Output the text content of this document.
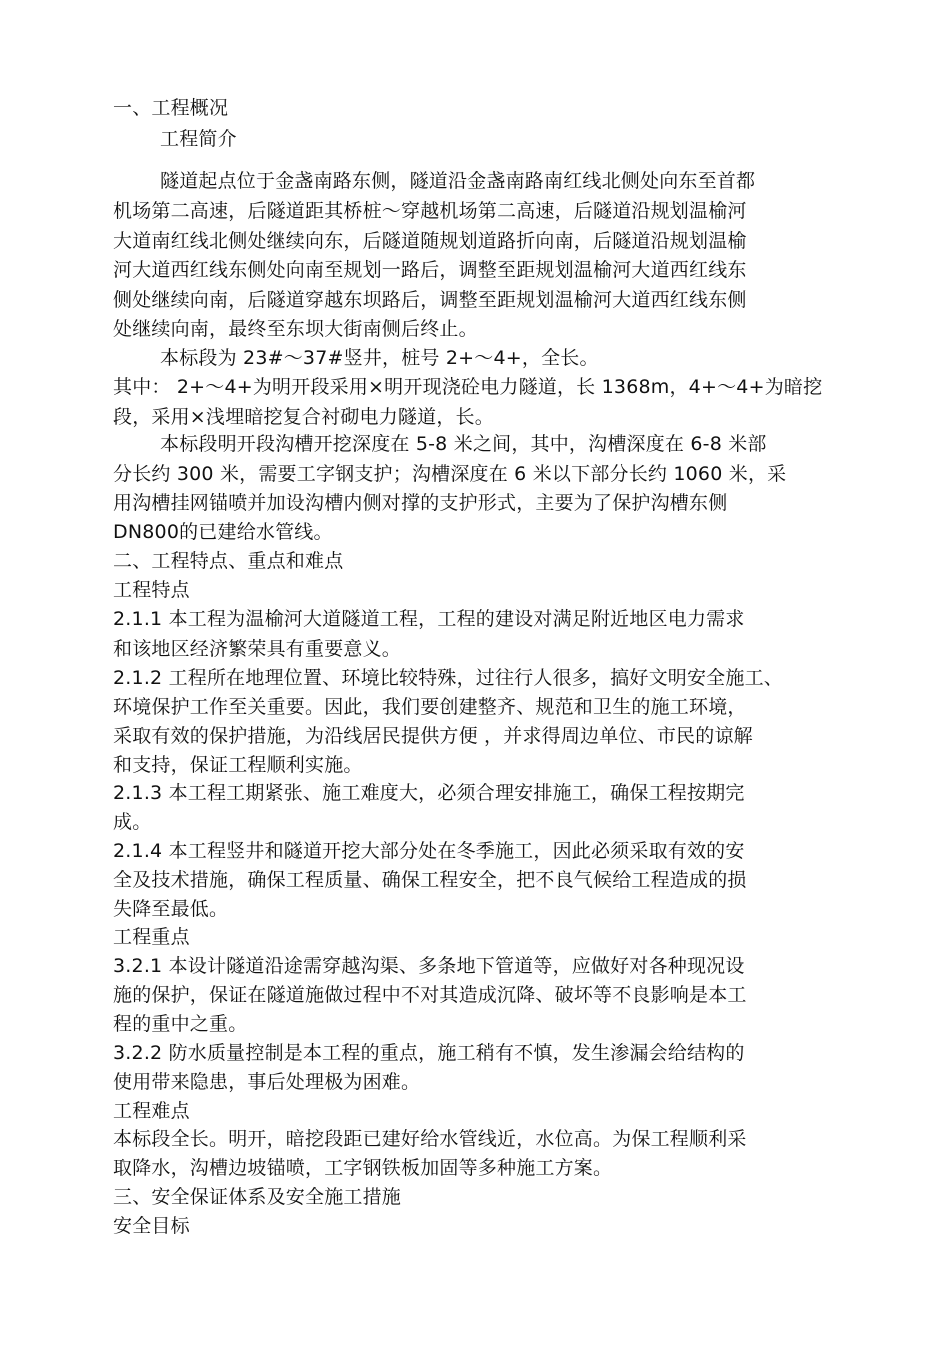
一、工程概况
工程简介
隧道起点位于金盏南路东侧，隧道沿金盏南路南红线北侧处向东至首都
机场第二高速，后隧道距其桥桩～穿越机场第二高速，后隧道沿规划温榆河
大道南红线北侧处继续向东，后隧道随规划道路折向南，后隧道沿规划温榆
河大道西红线东侧处向南至规划一路后，调整至距规划温榆河大道西红线东
侧处继续向南，后隧道穿越东坝路后，调整至距规划温榆河大道西红线东侧
处继续向南，最终至东坝大街南侧后终止。
本标段为 23#～37#竖井，桩号 2+～4+，全长。
其中： 2+～4+为明开段采用×明开现浇砼电力隧道，长 1368m，4+～4+为暗挖
段，采用×浅埋暗挖复合衬砌电力隧道，长。
本标段明开段沟槽开挖深度在 5-8 米之间，其中，沟槽深度在 6-8 米部
分长约 300 米，需要工字钢支护；沟槽深度在 6 米以下部分长约 1060 米，采
用沟槽挂网锚喷并加设沟槽内侧对撑的支护形式，主要为了保护沟槽东侧
DN800的已建给水管线。
二、工程特点、重点和难点
工程特点
2.1.1 本工程为温榆河大道隧道工程，工程的建设对满足附近地区电力需求
和该地区经济繁荣具有重要意义。
2.1.2 工程所在地理位置、环境比较特殊，过往行人很多，搞好文明安全施工、
环境保护工作至关重要。因此，我们要创建整齐、规范和卫生的施工环境，
采取有效的保护措施，为沿线居民提供方便 ，并求得周边单位、市民的谅解
和支持，保证工程顺利实施。
2.1.3 本工程工期紧张、施工难度大，必须合理安排施工，确保工程按期完
成。
2.1.4 本工程竖井和隧道开挖大部分处在冬季施工，因此必须采取有效的安
全及技术措施，确保工程质量、确保工程安全，把不良气候给工程造成的损
失降至最低。
工程重点
3.2.1 本设计隧道沿途需穿越沟渠、多条地下管道等，应做好对各种现况设
施的保护，保证在隧道施做过程中不对其造成沉降、破坏等不良影响是本工
程的重中之重。
3.2.2 防水质量控制是本工程的重点，施工稍有不慎，发生渗漏会给结构的
使用带来隐患，事后处理极为困难。
工程难点
本标段全长。明开，暗挖段距已建好给水管线近，水位高。为保工程顺利采
取降水，沟槽边坡锚喷，工字钢铁板加固等多种施工方案。
三、安全保证体系及安全施工措施
安全目标
